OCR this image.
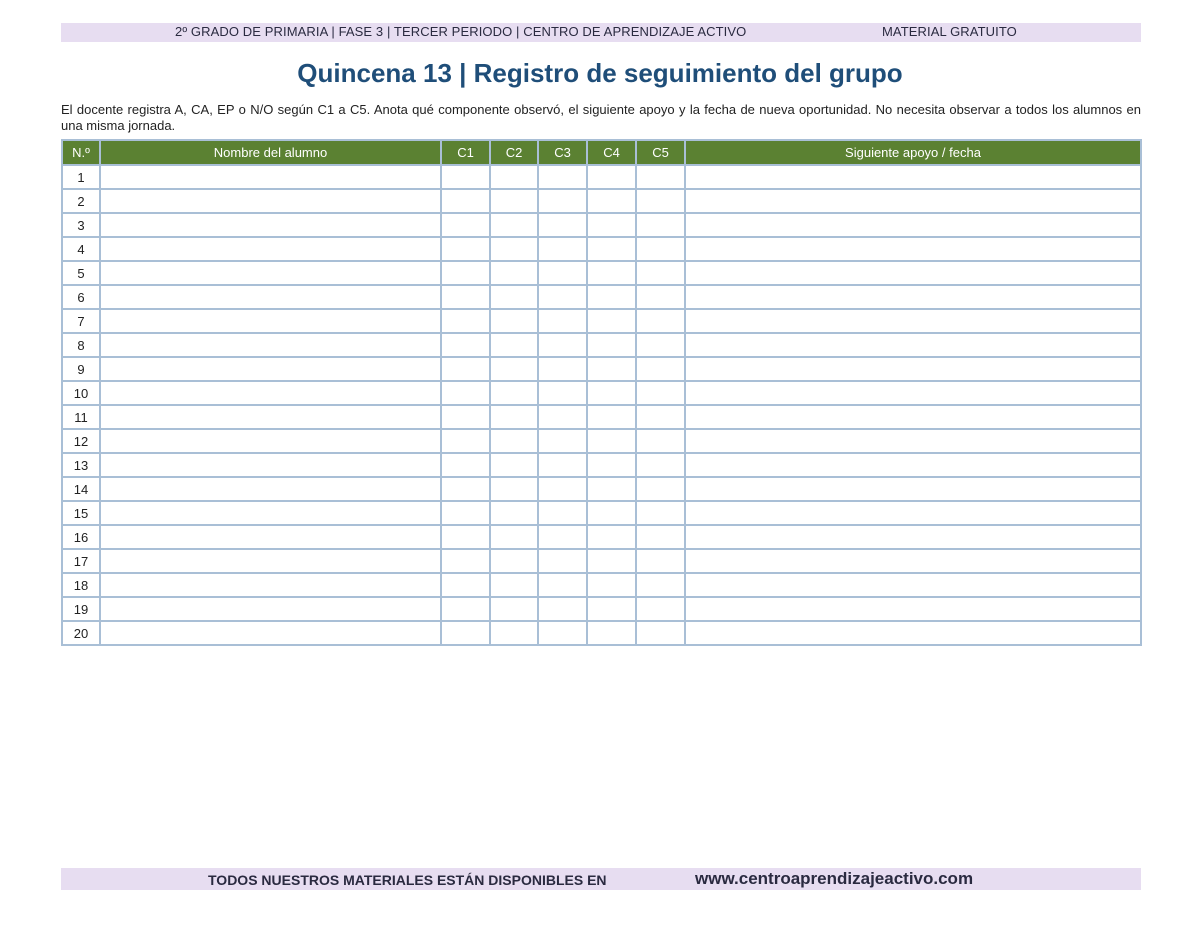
2º GRADO DE PRIMARIA | FASE 3 | TERCER PERIODO | CENTRO DE APRENDIZAJE ACTIVO	MATERIAL GRATUITO
Quincena 13 | Registro de seguimiento del grupo
El docente registra A, CA, EP o N/O según C1 a C5. Anota qué componente observó, el siguiente apoyo y la fecha de nueva oportunidad. No necesita observar a todos los alumnos en una misma jornada.
N.º	Nombre del alumno	C1	C2	C3	C4	C5	Siguiente apoyo / fecha
1							
2							
3							
4							
5							
6							
7							
8							
9							
10							
11							
12							
13							
14							
15							
16							
17							
18							
19							
20							
TODOS NUESTROS MATERIALES ESTÁN DISPONIBLES EN	www.centroaprendizajeactivo.com
